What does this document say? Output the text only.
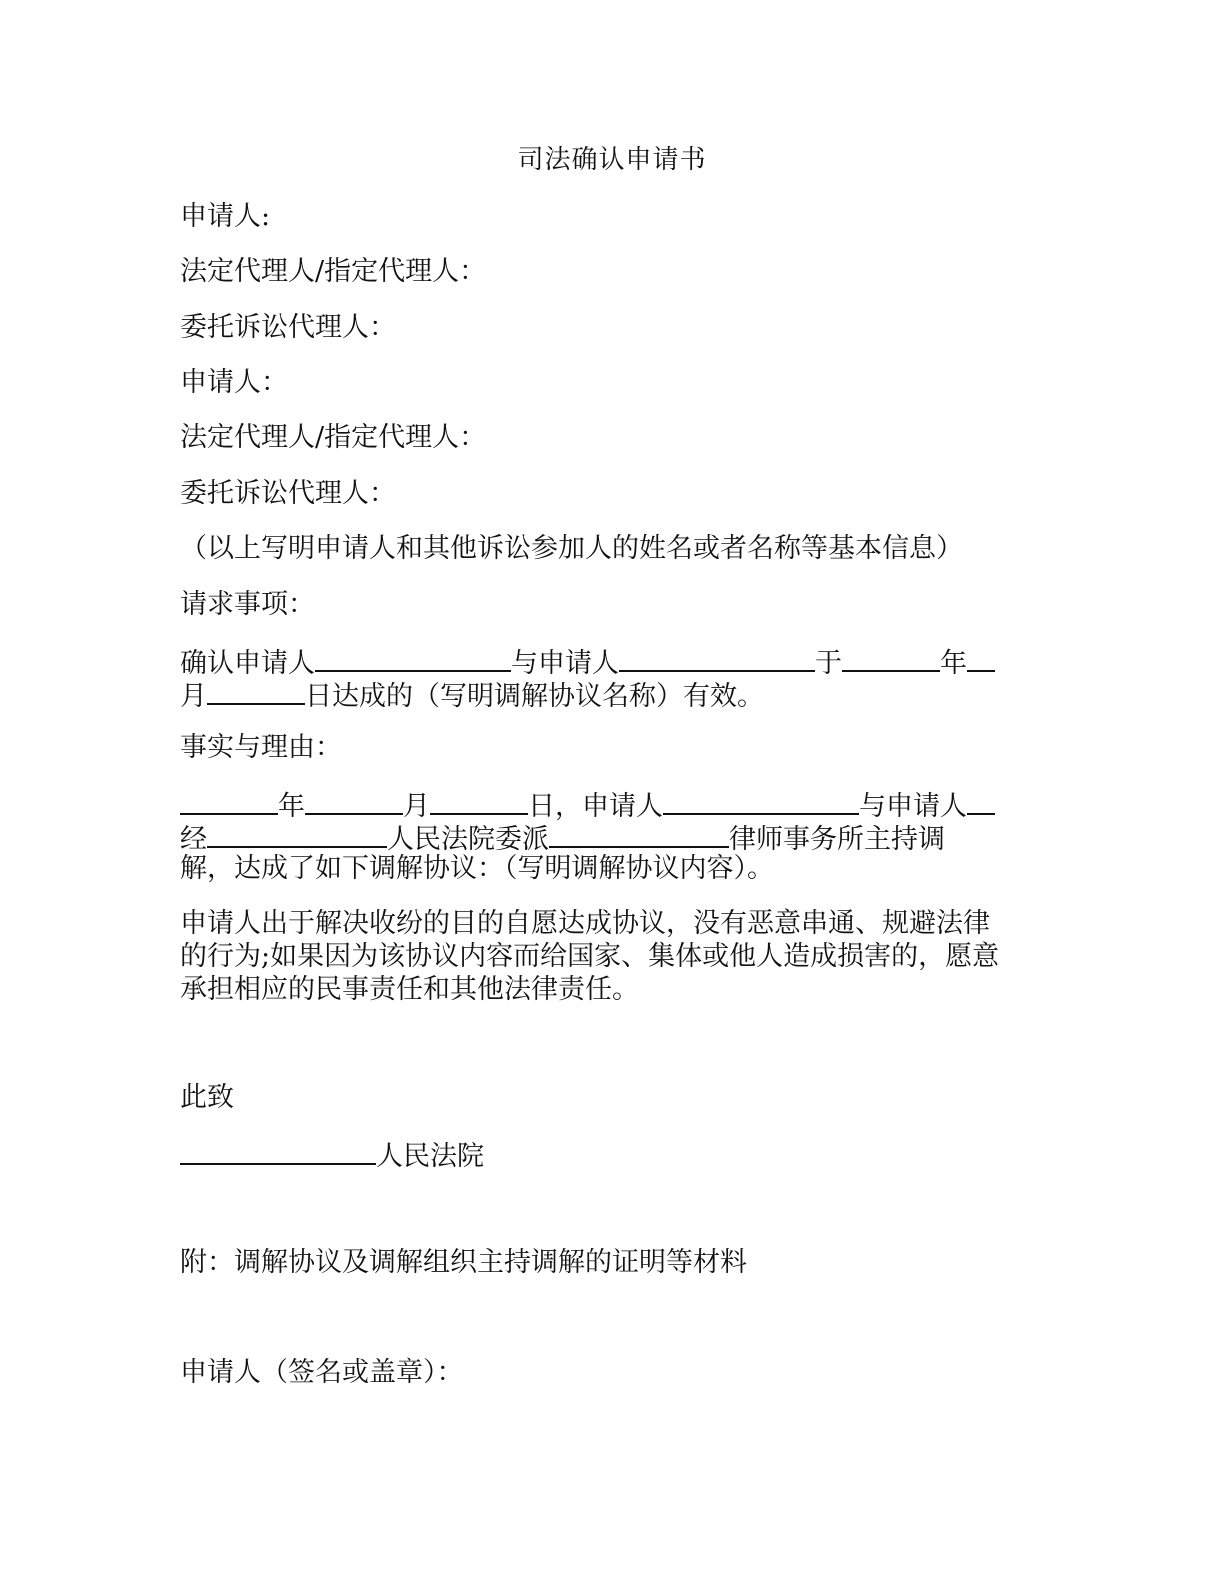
司法确认申请书
申请人:
法定代理人/指定代理人：
委托诉讼代理人：
申请人：
法定代理人/指定代理人：
委托诉讼代理人：
（以上写明申请人和其他诉讼参加人的姓名或者名称等基本信息）
请求事项：
确认申请人	与申请人	于	年
月	日达成的（写明调解协议名称）有效。
事实与理由：
年	月	日，申请人	与申请人
经	人民法院委派	律师事务所主持调
解，达成了如下调解协议：（写明调解协议内容）。
申请人出于解决收纷的目的自愿达成协议，没有恶意串通、规避法律
的行为;如果因为该协议内容而给国家、集体或他人造成损害的，愿意
承担相应的民事责任和其他法律责任。
此致
人民法院
附：调解协议及调解组织主持调解的证明等材料
申请人（签名或盖章）：
